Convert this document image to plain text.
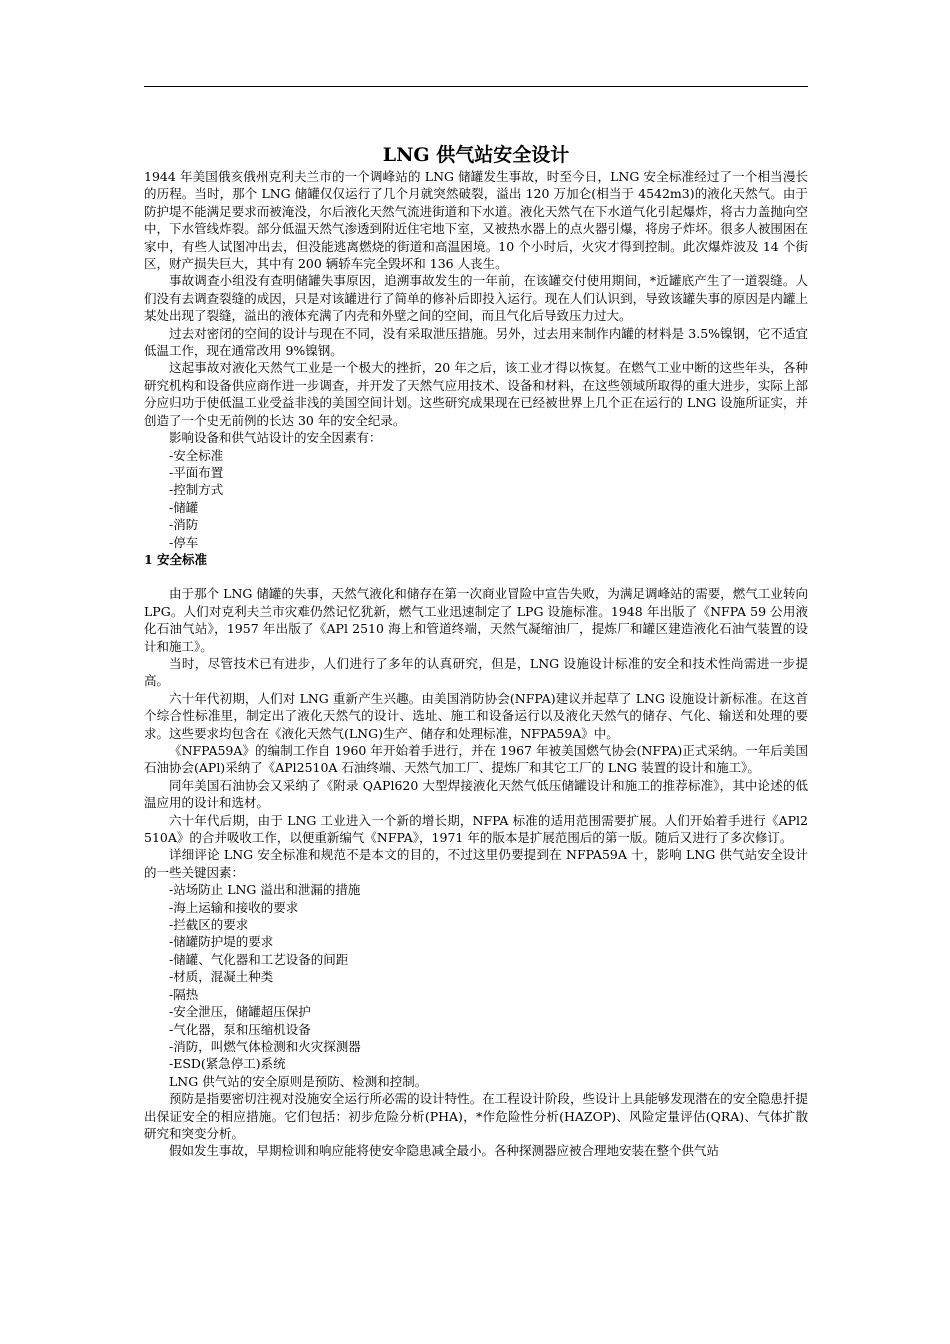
LNG 供气站安全设计

1944 年美国俄亥俄州克利夫兰市的一个调峰站的 LNG 储罐发生事故，时至今日，LNG 安全标准经过了一个相当漫长的历程。当时，那个 LNG 储罐仅仅运行了几个月就突然破裂，溢出 120 万加仑(相当于 4542m3)的液化天然气。由于防护堤不能满足要求而被淹没，尔后液化天然气流进街道和下水道。液化天然气在下水道气化引起爆炸，将古力盖抛向空中，下水管线炸裂。部分低温天然气渗透到附近住宅地下室，又被热水器上的点火器引爆，将房子炸坏。很多人被围困在家中，有些人试图冲出去，但没能逃离燃烧的街道和高温困境。10 个小时后，火灾才得到控制。此次爆炸波及 14 个街区，财产损失巨大，其中有 200 辆轿车完全毁坏和 136 人丧生。

事故调查小组没有查明储罐失事原因，追溯事故发生的一年前，在该罐交付使用期间，*近罐底产生了一道裂缝。人们没有去调查裂缝的成因，只是对该罐进行了简单的修补后即投入运行。现在人们认识到，导致该罐失事的原因是内罐上某处出现了裂缝，溢出的液体充满了内壳和外壁之间的空间，而且气化后导致压力过大。

过去对密闭的空间的设计与现在不同，没有采取泄压措施。另外，过去用来制作内罐的材料是 3.5%镍钢，它不适宜低温工作，现在通常改用 9%镍钢。

这起事故对液化天然气工业是一个极大的挫折，20 年之后，该工业才得以恢复。在燃气工业中断的这些年头，各种研究机构和设备供应商作进一步调查，并开发了天然气应用技术、设备和材料，在这些领域所取得的重大进步，实际上部分应归功于使低温工业受益非浅的美国空间计划。这些研究成果现在已经被世界上几个正在运行的 LNG 设施所证实，并创造了一个史无前例的长达 30 年的安全纪录。

影响设备和供气站设计的安全因素有：

-安全标准
-平面布置
-控制方式
-储罐
-消防
-停车
1 安全标准

由于那个 LNG 储罐的失事，天然气液化和储存在第一次商业冒险中宣告失败，为满足调峰站的需要，燃气工业转向 LPG。人们对克利夫兰市灾难仍然记忆犹新，燃气工业迅速制定了 LPG 设施标准。1948 年出版了《NFPA 59 公用液化石油气站》，1957 年出版了《APl 2510 海上和管道终端，天然气凝缩油厂，提炼厂和罐区建造液化石油气装置的设计和施工》。

当时，尽管技术已有进步，人们进行了多年的认真研究，但是，LNG 设施设计标准的安全和技术性尚需进一步提高。

六十年代初期，人们对 LNG 重新产生兴趣。由美国消防协会(NFPA)建议并起草了 LNG 设施设计新标准。在这首个综合性标准里，制定出了液化天然气的设计、选址、施工和设备运行以及液化天然气的储存、气化、输送和处理的要求。这些要求均包含在《液化天然气(LNG)生产、储存和处理标准，NFPA59A》中。

《NFPA59A》的编制工作自 1960 年开始着手进行，并在 1967 年被美国燃气协会(NFPA)正式采纳。一年后美国石油协会(APl)采纳了《APl2510A 石油终端、天然气加工厂、提炼厂和其它工厂的 LNG 装置的设计和施工》。

同年美国石油协会又采纳了《附录 QAPl620 大型焊接液化天然气低压储罐设计和施工的推荐标准》，其中论述的低温应用的设计和选材。

六十年代后期，由于 LNG 工业进入一个新的增长期，NFPA 标准的适用范围需要扩展。人们开始着手进行《APl2510A》的合并吸收工作，以便重新编气《NFPA》，1971 年的版本是扩展范围后的第一版。随后又进行了多次修订。

详细评论 LNG 安全标准和规范不是本文的目的，不过这里仍要提到在 NFPA59A 十，影响 LNG 供气站安全设计的一些关键因素：

-站场防止 LNG 溢出和泄漏的措施
-海上运输和接收的要求
-拦截区的要求
-储罐防护堤的要求
-储罐、气化器和工艺设备的间距
-材质，混凝土种类
-隔热
-安全泄压，储罐超压保护
-气化器，泵和压缩机设备
-消防，叫燃气体检测和火灾探测器
-ESD(紧急停工)系统

LNG 供气站的安全原则是预防、检测和控制。

预防是指要密切注视对没施安全运行所必需的设计特性。在工程设计阶段，些设计上具能够发现潜在的安全隐患扦提出保证安全的相应措施。它们包括：初步危险分析(PHA)，*作危险性分析(HAZOP)、风险定量评估(QRA)、气体扩散研究和突变分析。

假如发生事故，早期检训和响应能将使安伞隐患减全最小。各种探测器应被合理地安装在整个供气站
